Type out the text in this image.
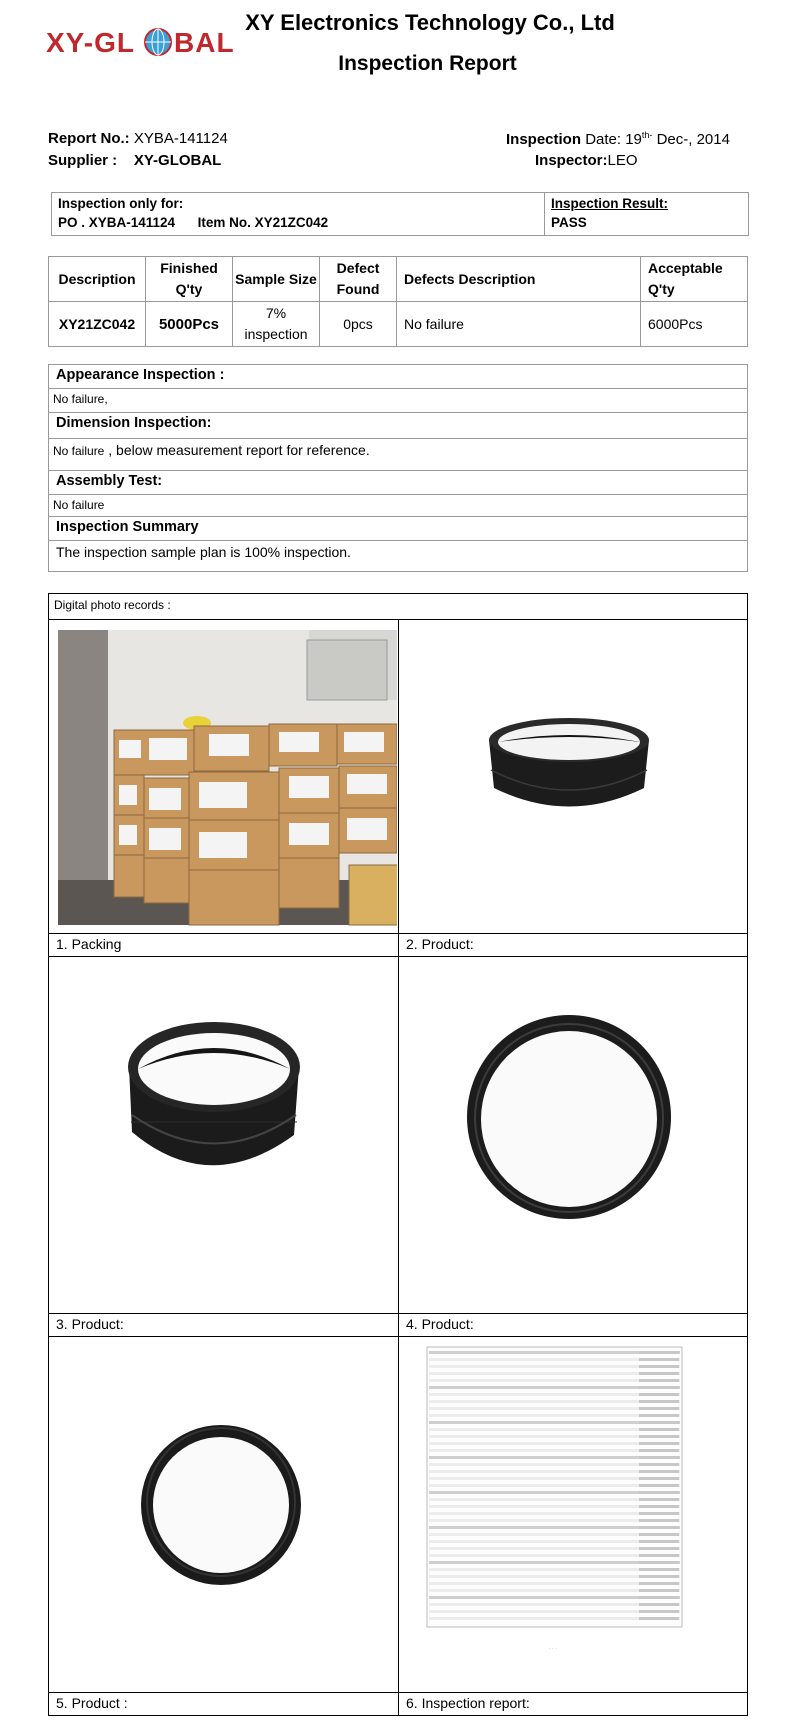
XY-GL BAL
XY Electronics Technology Co., Ltd
Inspection Report
Report No.: XYBA-141124
Supplier : XY-GLOBAL
Inspection Date: $19^{th-}$ Dec-, 2014
Inspector:LEO
Inspection only for:
PO . XYBA-141124 Item No. XY21ZC042

Inspection Result:
PASS
Description	Finished Q'ty	Sample Size	Defect Found	Defects Description	Acceptable Q'ty
XY21ZC042	5000Pcs	7% inspection	0pcs	No failure	6000Pcs
Appearance Inspection :
No failure,
Dimension Inspection:
No failure , below measurement report for reference.
Assembly Test:
No failure
Inspection Summary
The inspection sample plan is 100% inspection.
Digital photo records :
1. Packing	2. Product:
3. Product:	4. Product:
· · ·
5. Product :	6. Inspection report:
